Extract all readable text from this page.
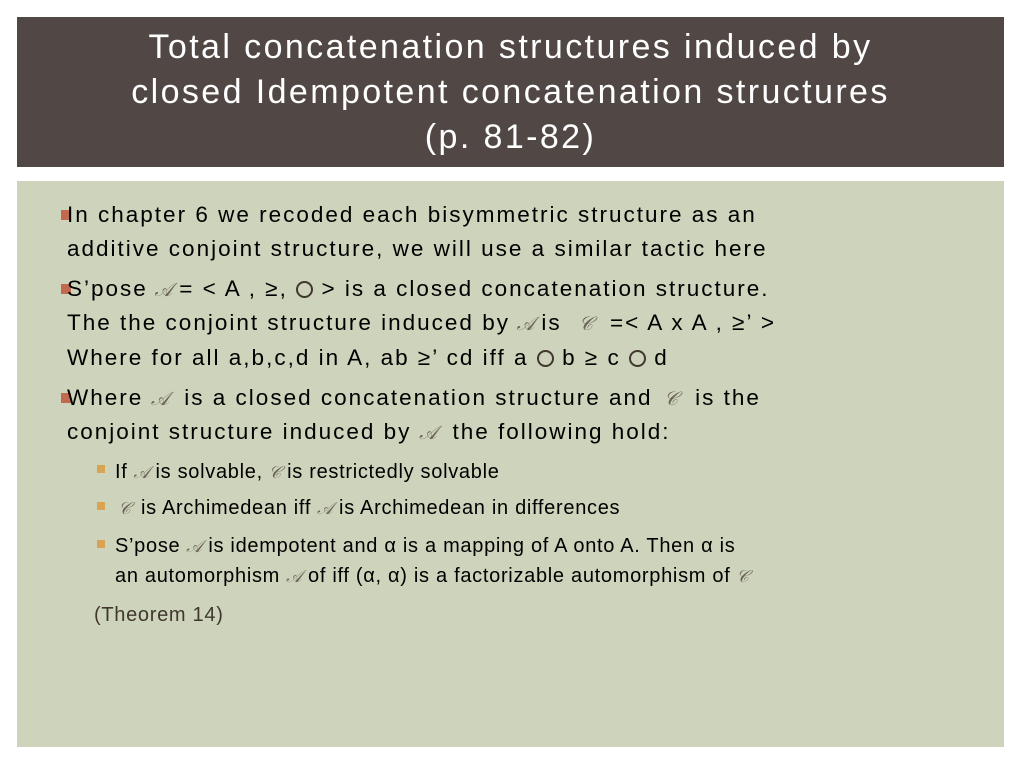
Total concatenation structures induced by
closed Idempotent concatenation structures
(p. 81-82)
In chapter 6 we recoded each bisymmetric structure as an
additive conjoint structure, we will use a similar tactic here
S’pose 𝒜 = < A , ≥, > is a closed concatenation structure.
The the conjoint structure induced by 𝒜 is 𝒞 =< A x A , ≥’ >
Where for all a,b,c,d in A, ab ≥’ cd iff a b ≥ c d
Where 𝒜 is a closed concatenation structure and 𝒞 is the
conjoint structure induced by 𝒜 the following hold:
If 𝒜 is solvable, 𝒞 is restrictedly solvable
𝒞 is Archimedean iff 𝒜 is Archimedean in differences
S’pose 𝒜 is idempotent and α is a mapping of A onto A. Then α is
an automorphism 𝒜 of iff (α, α) is a factorizable automorphism of 𝒞
(Theorem 14)
